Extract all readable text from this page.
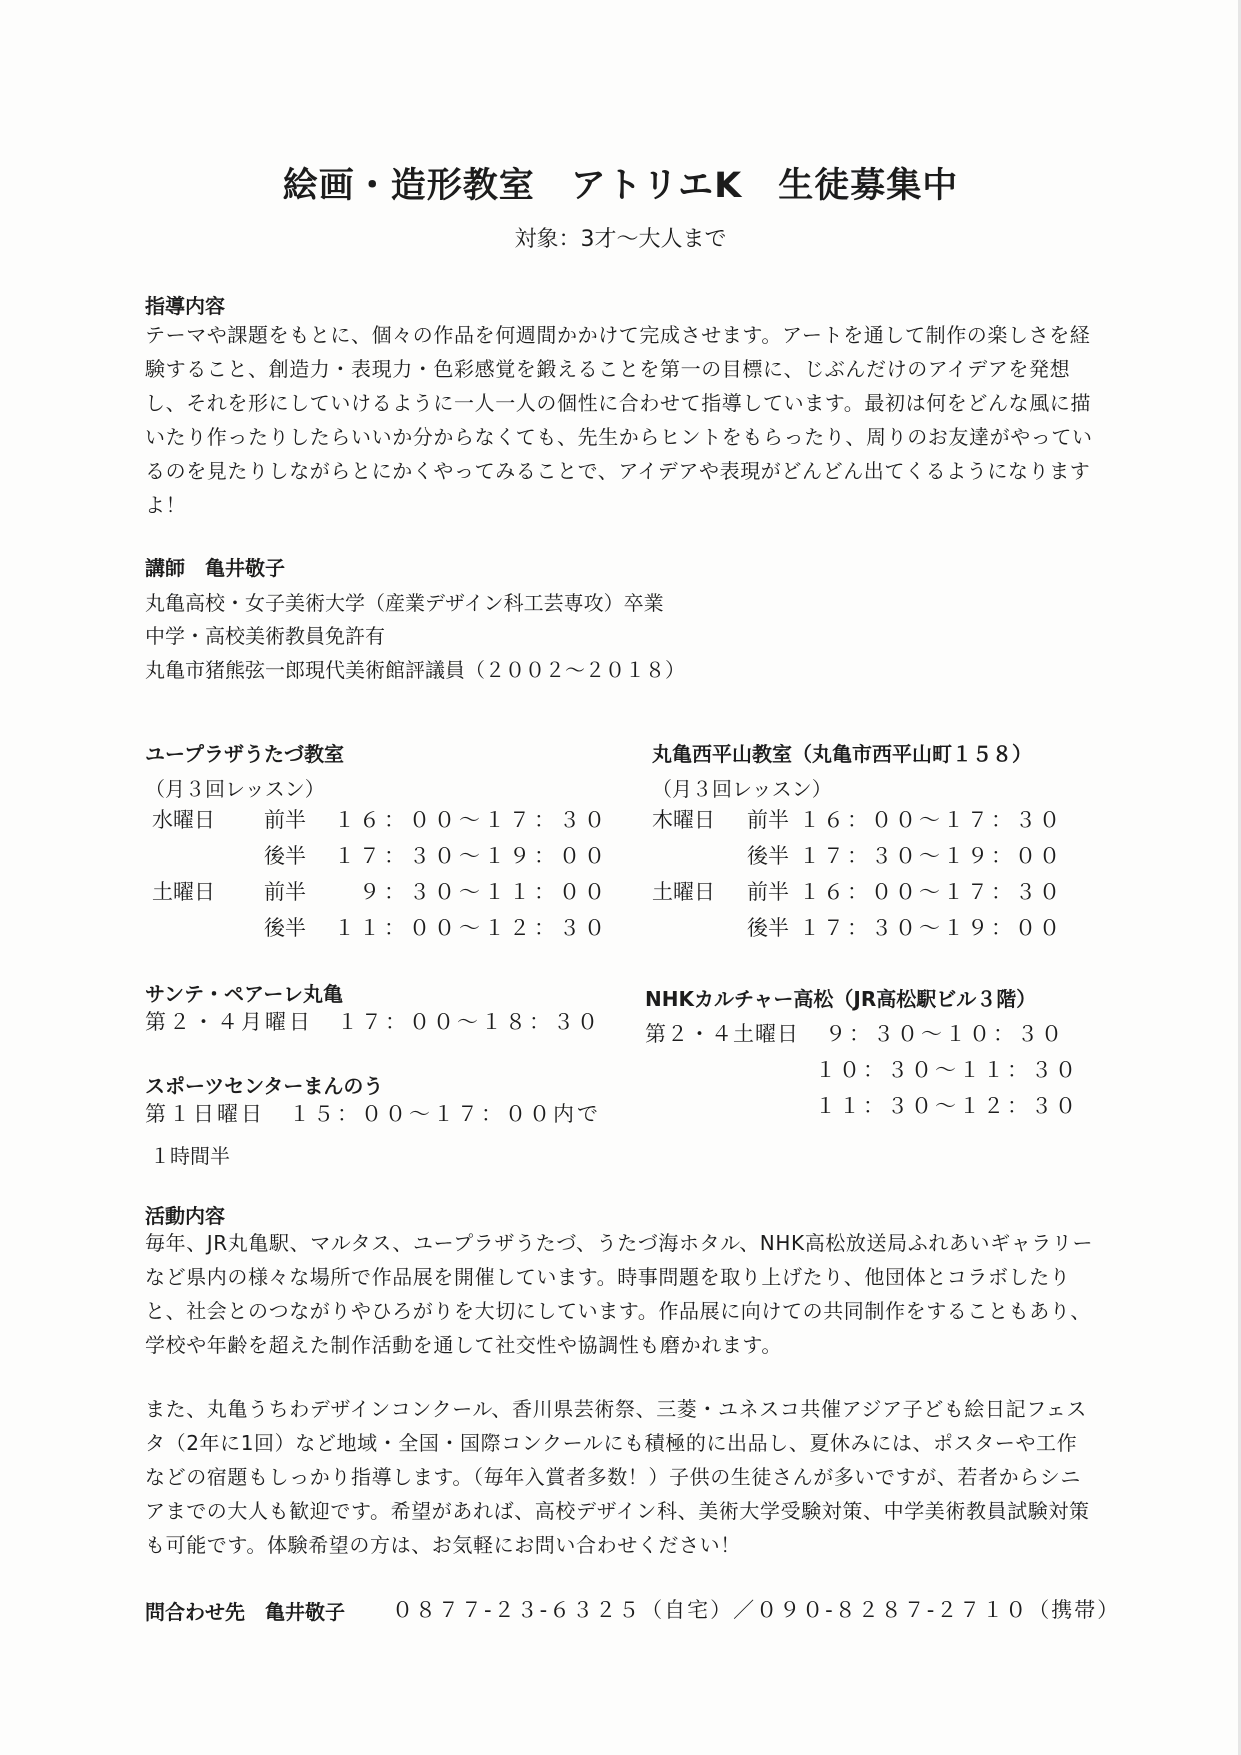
絵画・造形教室　アトリエK　生徒募集中
対象：3才～大人まで
指導内容
テーマや課題をもとに、個々の作品を何週間かかけて完成させます。アートを通して制作の楽しさを経験すること、創造力・表現力・色彩感覚を鍛えることを第一の目標に、じぶんだけのアイデアを発想し、それを形にしていけるように一人一人の個性に合わせて指導しています。最初は何をどんな風に描いたり作ったりしたらいいか分からなくても、先生からヒントをもらったり、周りのお友達がやっているのを見たりしながらとにかくやってみることで、アイデアや表現がどんどん出てくるようになりますよ！
講師　亀井敬子
丸亀高校・女子美術大学（産業デザイン科工芸専攻）卒業
中学・高校美術教員免許有
丸亀市猪熊弦一郎現代美術館評議員（２００２～２０１８）
ユープラザうたづ教室
（月３回レッスン）
水曜日	前半	１６：００～１７：３０
後半	１７：３０～１９：００
土曜日	前半	　９：３０～１１：００
後半	１１：００～１２：３０
丸亀西平山教室（丸亀市西平山町１５８）
（月３回レッスン）
木曜日	前半 １６：００～１７：３０
後半 １７：３０～１９：００
土曜日	前半 １６：００～１７：３０
後半 １７：３０～１９：００
サンテ・ペアーレ丸亀
第２・４月曜日　１７：００～１８：３０
スポーツセンターまんのう
第１日曜日　１５：００～１７：００内で
１時間半
NHKカルチャー高松（JR高松駅ビル３階）
第２・４土曜日	９：３０～１０：３０
１０：３０～１１：３０
１１：３０～１２：３０
活動内容
毎年、JR丸亀駅、マルタス、ユープラザうたづ、うたづ海ホタル、NHK高松放送局ふれあいギャラリーなど県内の様々な場所で作品展を開催しています。時事問題を取り上げたり、他団体とコラボしたりと、社会とのつながりやひろがりを大切にしています。作品展に向けての共同制作をすることもあり、学校や年齢を超えた制作活動を通して社交性や協調性も磨かれます。
また、丸亀うちわデザインコンクール、香川県芸術祭、三菱・ユネスコ共催アジア子ども絵日記フェスタ（2年に1回）など地域・全国・国際コンクールにも積極的に出品し、夏休みには、ポスターや工作などの宿題もしっかり指導します。（毎年入賞者多数！）子供の生徒さんが多いですが、若者からシニアまでの大人も歓迎です。希望があれば、高校デザイン科、美術大学受験対策、中学美術教員試験対策も可能です。体験希望の方は、お気軽にお問い合わせください！
問合わせ先　亀井敬子 ０８７７-２３-６３２５（自宅）／０９０-８２８７-２７１０（携帯）
